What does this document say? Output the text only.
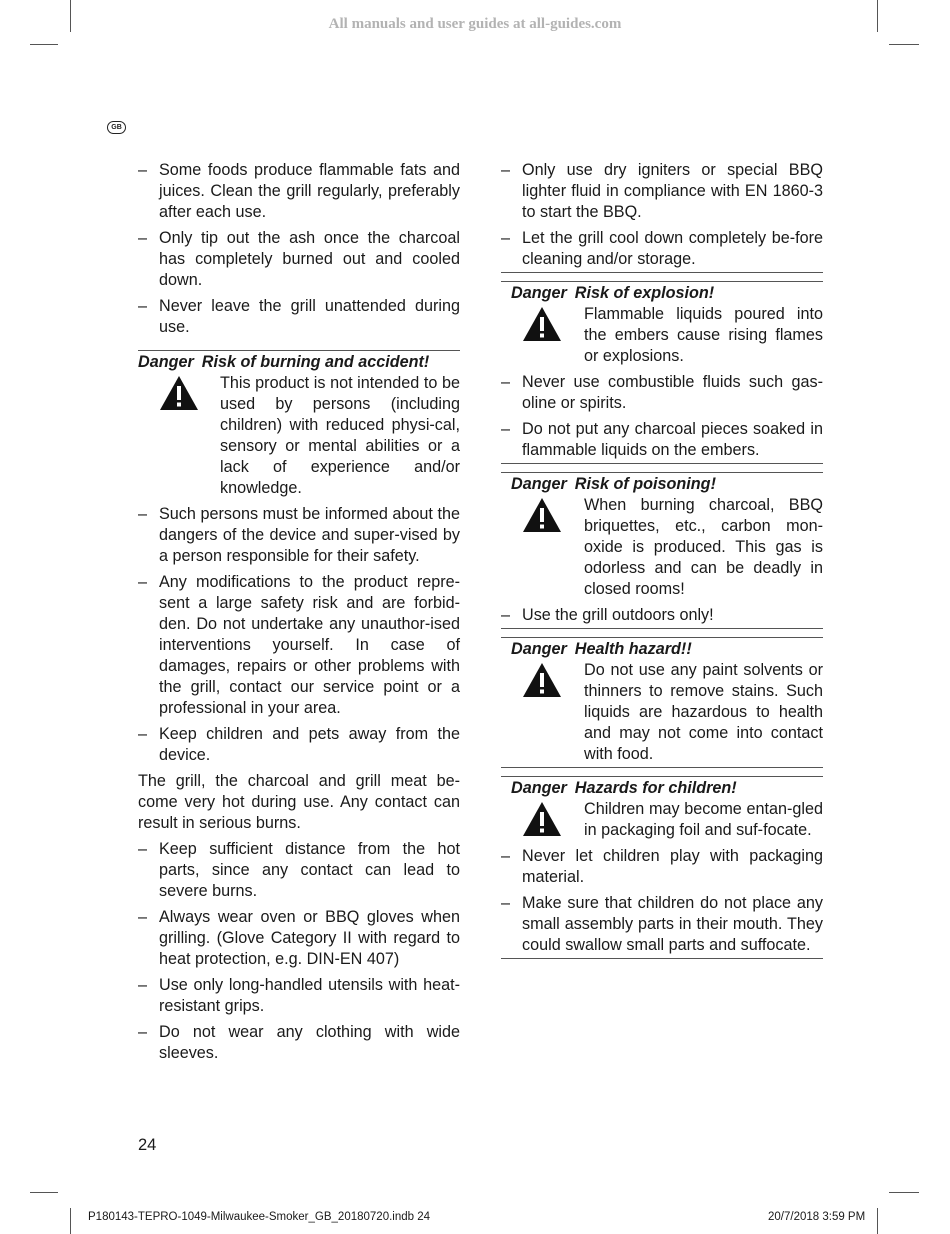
All manuals and user guides at all-guides.com
GB
– Some foods produce flammable fats and juices. Clean the grill regularly, preferably after each use.
– Only tip out the ash once the charcoal has completely burned out and cooled down.
– Never leave the grill unattended during use.
Danger Risk of burning and accident!
This product is not intended to be used by persons (including children) with reduced physi-cal, sensory or mental abilities or a lack of experience and/or knowledge.
– Such persons must be informed about the dangers of the device and super-vised by a person responsible for their safety.
– Any modifications to the product repre-sent a large safety risk and are forbid-den. Do not undertake any unauthor-ised interventions yourself. In case of damages, repairs or other problems with the grill, contact our service point or a professional in your area.
– Keep children and pets away from the device.
The grill, the charcoal and grill meat be-come very hot during use. Any contact can result in serious burns.
– Keep sufficient distance from the hot parts, since any contact can lead to severe burns.
– Always wear oven or BBQ gloves when grilling. (Glove Category II with regard to heat protection, e.g. DIN-EN 407)
– Use only long-handled utensils with heat-resistant grips.
– Do not wear any clothing with wide sleeves.
– Only use dry igniters or special BBQ lighter fluid in compliance with EN 1860-3 to start the BBQ.
– Let the grill cool down completely be-fore cleaning and/or storage.
Danger Risk of explosion!
Flammable liquids poured into the embers cause rising flames or explosions.
– Never use combustible fluids such gas-oline or spirits.
– Do not put any charcoal pieces soaked in flammable liquids on the embers.
Danger Risk of poisoning!
When burning charcoal, BBQ briquettes, etc., carbon mon-oxide is produced. This gas is odorless and can be deadly in closed rooms!
– Use the grill outdoors only!
Danger Health hazard!!
Do not use any paint solvents or thinners to remove stains. Such liquids are hazardous to health and may not come into contact with food.
Danger Hazards for children!
Children may become entan-gled in packaging foil and suf-focate.
– Never let children play with packaging material.
– Make sure that children do not place any small assembly parts in their mouth. They could swallow small parts and suffocate.
24
P180143-TEPRO-1049-Milwaukee-Smoker_GB_20180720.indb 24	20/7/2018 3:59 PM
